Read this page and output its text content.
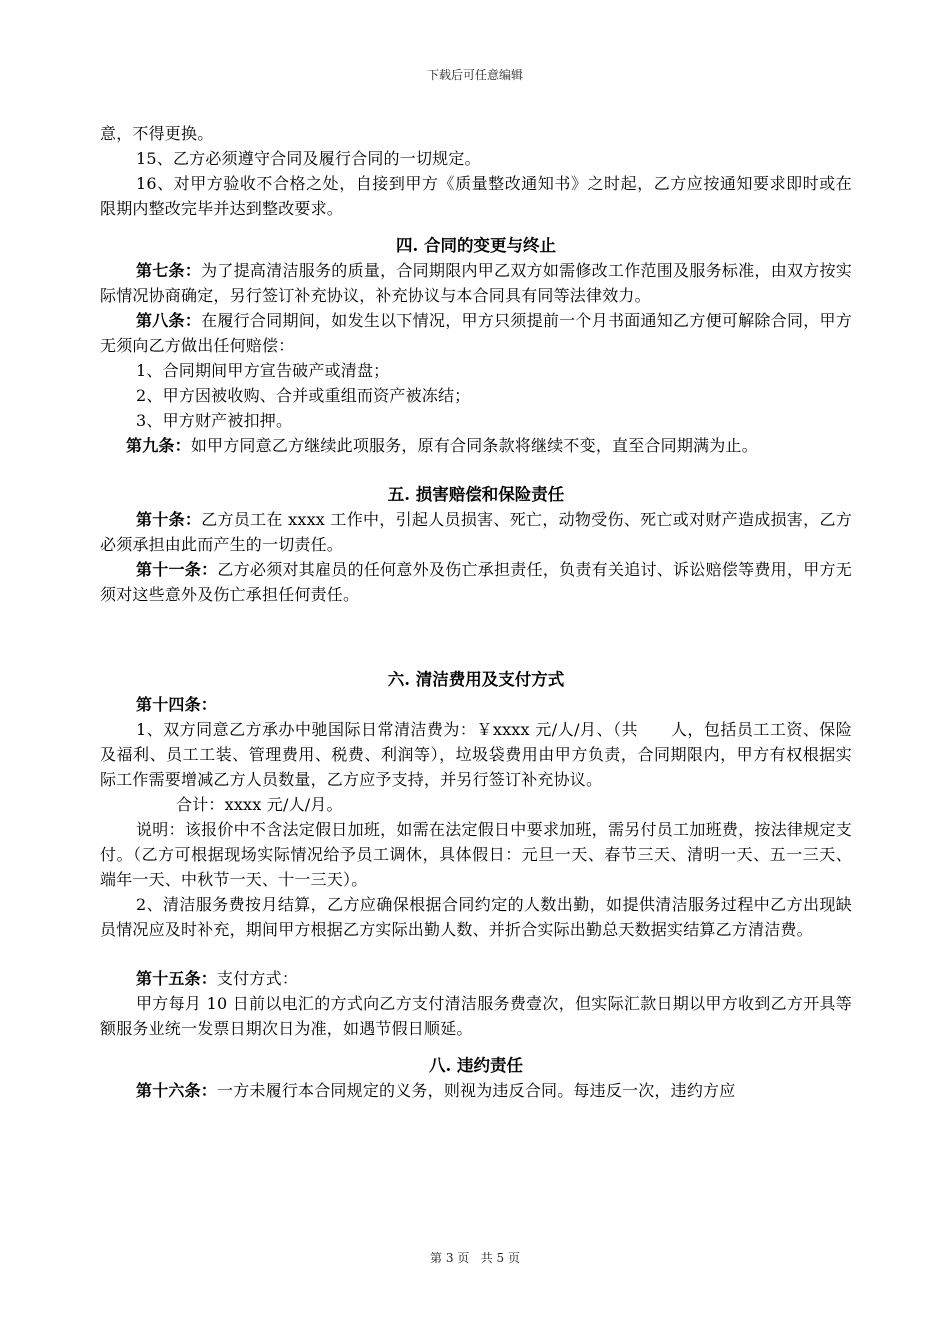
下载后可任意编辑

意，不得更换。

15、乙方必须遵守合同及履行合同的一切规定。

16、对甲方验收不合格之处，自接到甲方《质量整改通知书》之时起，乙方应按通知要求即时或在限期内整改完毕并达到整改要求。

四. 合同的变更与终止

第七条：为了提高清洁服务的质量，合同期限内甲乙双方如需修改工作范围及服务标准，由双方按实际情况协商确定，另行签订补充协议，补充协议与本合同具有同等法律效力。

第八条：在履行合同期间，如发生以下情况，甲方只须提前一个月书面通知乙方便可解除合同，甲方无须向乙方做出任何赔偿：

1、合同期间甲方宣告破产或清盘；

2、甲方因被收购、合并或重组而资产被冻结；

3、甲方财产被扣押。

第九条：如甲方同意乙方继续此项服务，原有合同条款将继续不变，直至合同期满为止。

五. 损害赔偿和保险责任

第十条：乙方员工在 xxxx 工作中，引起人员损害、死亡，动物受伤、死亡或对财产造成损害，乙方必须承担由此而产生的一切责任。

第十一条：乙方必须对其雇员的任何意外及伤亡承担责任，负责有关追讨、诉讼赔偿等费用，甲方无须对这些意外及伤亡承担任何责任。

六. 清洁费用及支付方式

第十四条：

1、双方同意乙方承办中驰国际日常清洁费为：￥xxxx 元/人/月、（共　　人，包括员工工资、保险及福利、员工工装、管理费用、税费、利润等），垃圾袋费用由甲方负责，合同期限内，甲方有权根据实际工作需要增减乙方人员数量，乙方应予支持，并另行签订补充协议。

合计：xxxx 元/人/月。

说明：该报价中不含法定假日加班，如需在法定假日中要求加班，需另付员工加班费，按法律规定支付。（乙方可根据现场实际情况给予员工调休，具体假日：元旦一天、春节三天、清明一天、五一三天、端年一天、中秋节一天、十一三天）。

2、清洁服务费按月结算，乙方应确保根据合同约定的人数出勤，如提供清洁服务过程中乙方出现缺员情况应及时补充，期间甲方根据乙方实际出勤人数、并折合实际出勤总天数据实结算乙方清洁费。

第十五条：支付方式：

甲方每月 10 日前以电汇的方式向乙方支付清洁服务费壹次，但实际汇款日期以甲方收到乙方开具等额服务业统一发票日期次日为准，如遇节假日顺延。

八. 违约责任

第十六条：一方未履行本合同规定的义务，则视为违反合同。每违反一次，违约方应

第 3 页 共 5 页
